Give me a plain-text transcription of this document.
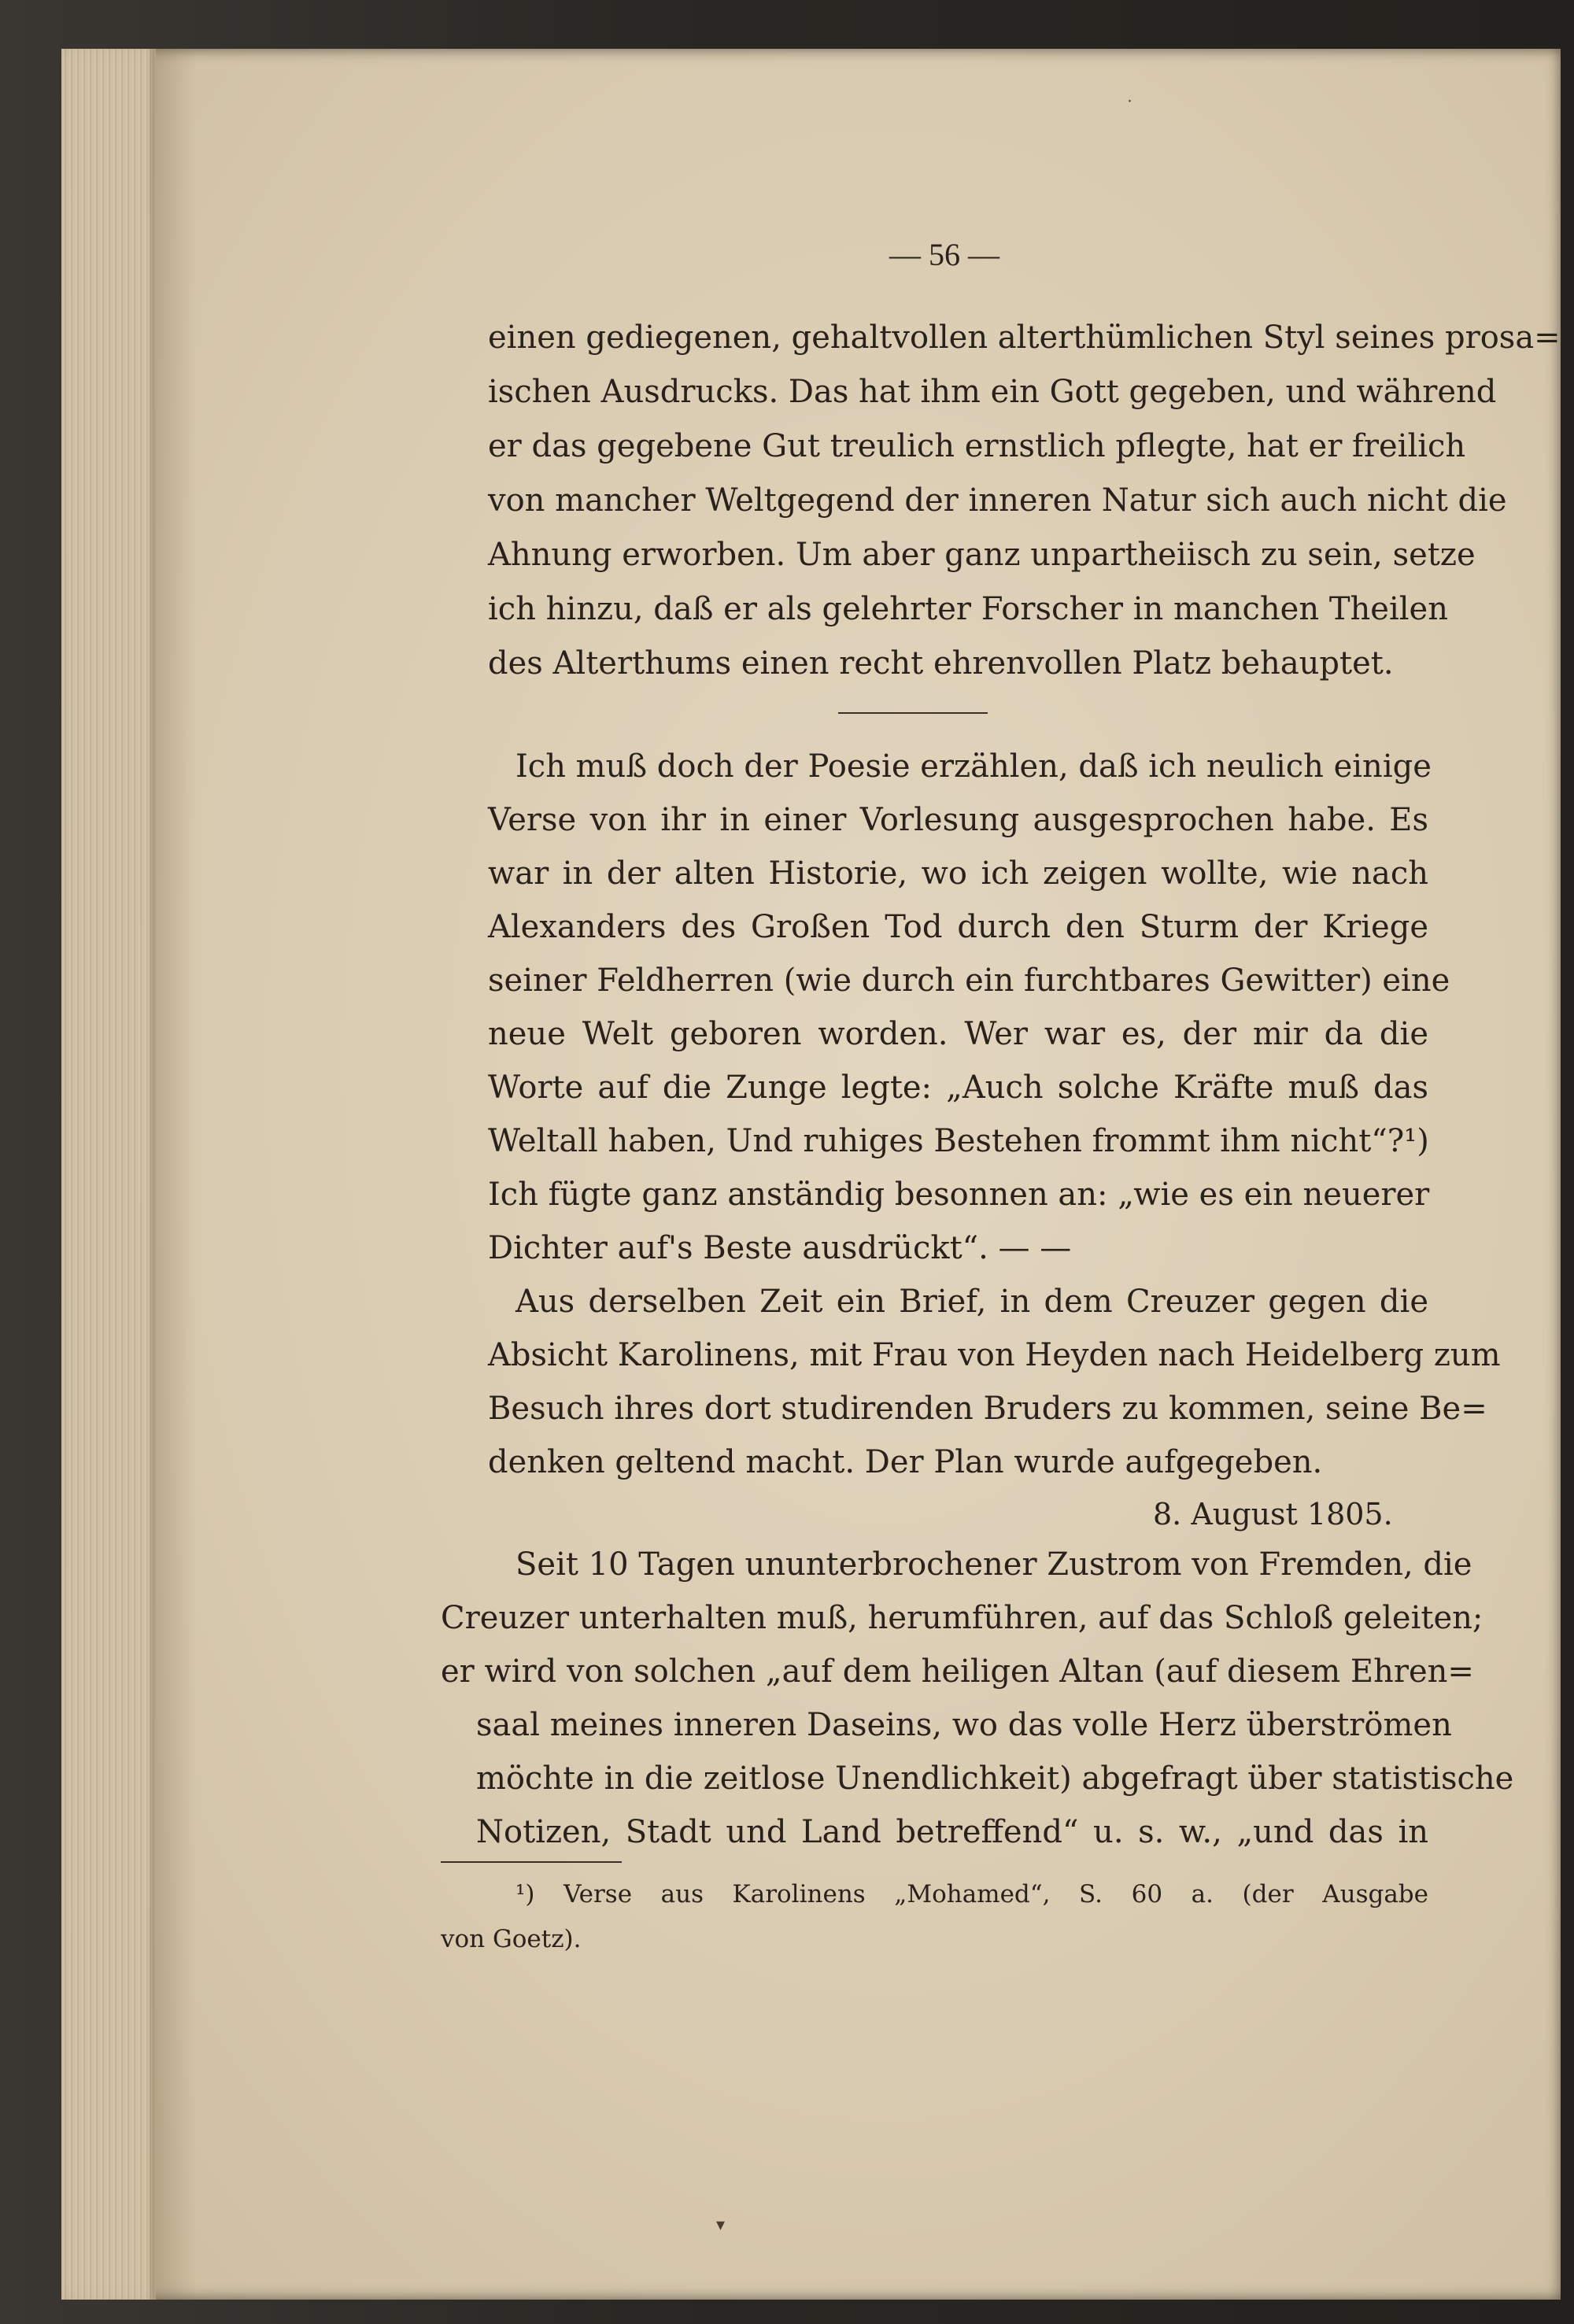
— 56 —
einen gediegenen, gehaltvollen alterthümlichen Styl seines prosa=
ischen Ausdrucks. Das hat ihm ein Gott gegeben, und während
er das gegebene Gut treulich ernstlich pflegte, hat er freilich
von mancher Weltgegend der inneren Natur sich auch nicht die
Ahnung erworben. Um aber ganz unpartheiisch zu sein, setze
ich hinzu, daß er als gelehrter Forscher in manchen Theilen
des Alterthums einen recht ehrenvollen Platz behauptet.
Ich muß doch der Poesie erzählen, daß ich neulich einige
Verse von ihr in einer Vorlesung ausgesprochen habe. Es
war in der alten Historie, wo ich zeigen wollte, wie nach
Alexanders des Großen Tod durch den Sturm der Kriege
seiner Feldherren (wie durch ein furchtbares Gewitter) eine
neue Welt geboren worden. Wer war es, der mir da die
Worte auf die Zunge legte: „Auch solche Kräfte muß das
Weltall haben, Und ruhiges Bestehen frommt ihm nicht“?¹)
Ich fügte ganz anständig besonnen an: „wie es ein neuerer
Dichter auf's Beste ausdrückt“. — —
Aus derselben Zeit ein Brief, in dem Creuzer gegen die
Absicht Karolinens, mit Frau von Heyden nach Heidelberg zum
Besuch ihres dort studirenden Bruders zu kommen, seine Be=
denken geltend macht. Der Plan wurde aufgegeben.
8. August 1805.
Seit 10 Tagen ununterbrochener Zustrom von Fremden, die
Creuzer unterhalten muß, herumführen, auf das Schloß geleiten;
er wird von solchen „auf dem heiligen Altan (auf diesem Ehren=
saal meines inneren Daseins, wo das volle Herz überströmen
möchte in die zeitlose Unendlichkeit) abgefragt über statistische
Notizen, Stadt und Land betreffend“ u. s. w., „und das in
¹) Verse aus Karolinens „Mohamed“, S. 60 a. (der Ausgabe
von Goetz).
˙
▾
